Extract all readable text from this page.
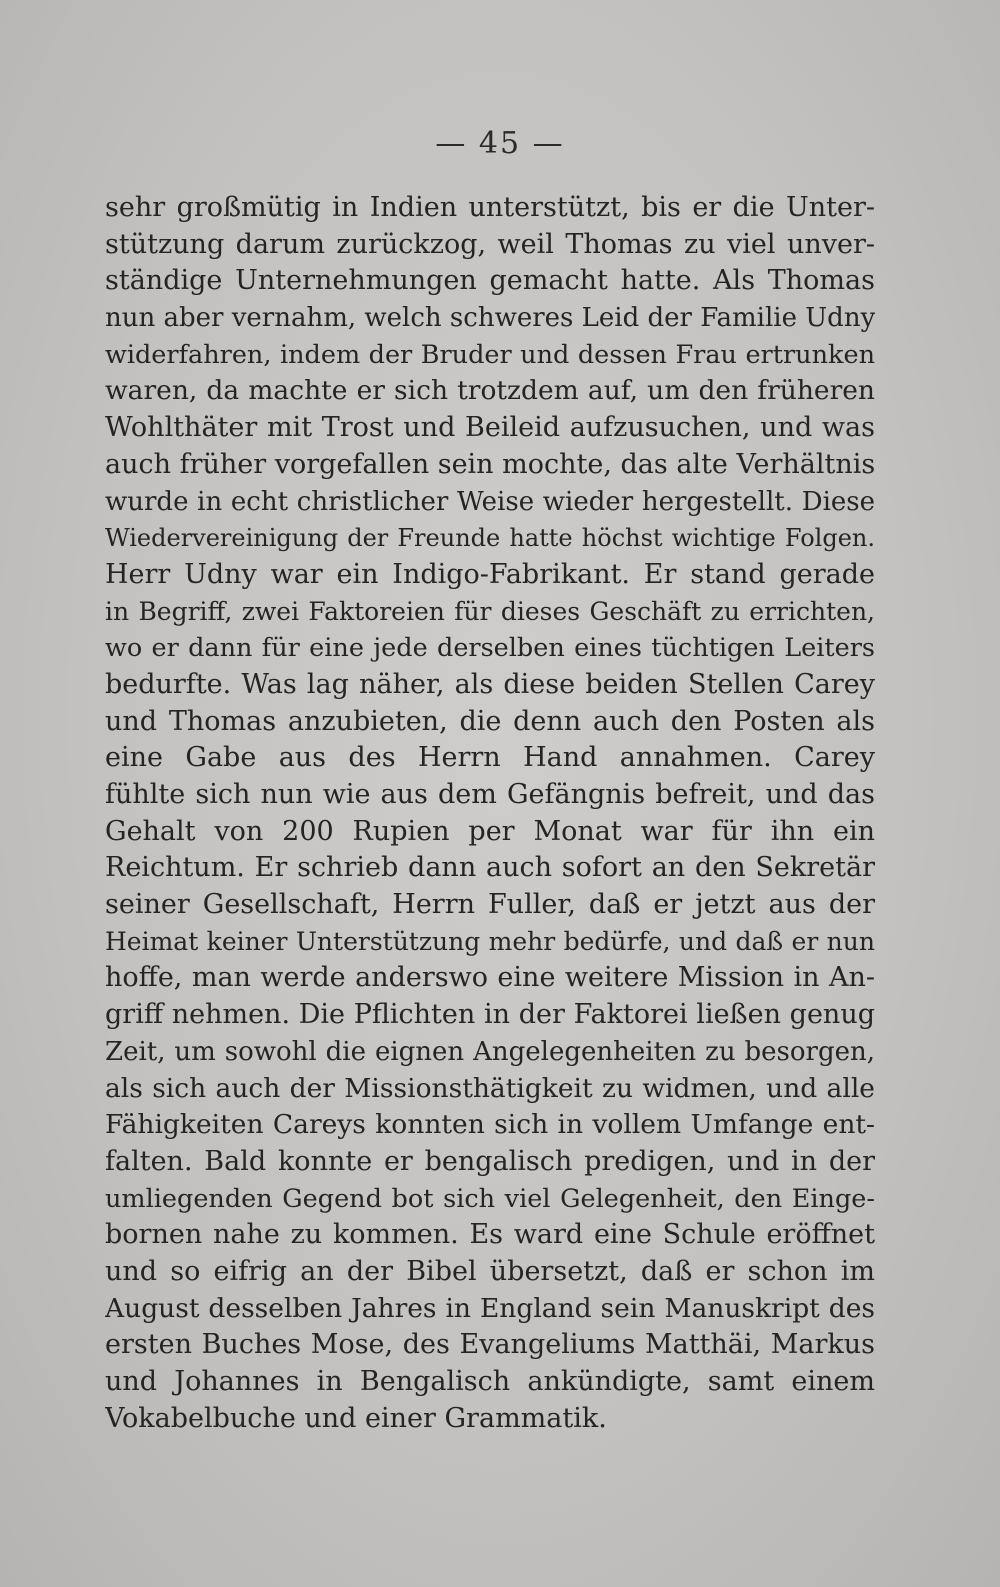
— 45 —
sehr großmütig in Indien unterstützt, bis er die Unter-
stützung darum zurückzog, weil Thomas zu viel unver-
ständige Unternehmungen gemacht hatte. Als Thomas
nun aber vernahm, welch schweres Leid der Familie Udny
widerfahren, indem der Bruder und dessen Frau ertrunken
waren, da machte er sich trotzdem auf, um den früheren
Wohlthäter mit Trost und Beileid aufzusuchen, und was
auch früher vorgefallen sein mochte, das alte Verhältnis
wurde in echt christlicher Weise wieder hergestellt. Diese
Wiedervereinigung der Freunde hatte höchst wichtige Folgen.
Herr Udny war ein Indigo-Fabrikant. Er stand gerade
in Begriff, zwei Faktoreien für dieses Geschäft zu errichten,
wo er dann für eine jede derselben eines tüchtigen Leiters
bedurfte. Was lag näher, als diese beiden Stellen Carey
und Thomas anzubieten, die denn auch den Posten als
eine Gabe aus des Herrn Hand annahmen. Carey
fühlte sich nun wie aus dem Gefängnis befreit, und das
Gehalt von 200 Rupien per Monat war für ihn ein
Reichtum. Er schrieb dann auch sofort an den Sekretär
seiner Gesellschaft, Herrn Fuller, daß er jetzt aus der
Heimat keiner Unterstützung mehr bedürfe, und daß er nun
hoffe, man werde anderswo eine weitere Mission in An-
griff nehmen. Die Pflichten in der Faktorei ließen genug
Zeit, um sowohl die eignen Angelegenheiten zu besorgen,
als sich auch der Missionsthätigkeit zu widmen, und alle
Fähigkeiten Careys konnten sich in vollem Umfange ent-
falten. Bald konnte er bengalisch predigen, und in der
umliegenden Gegend bot sich viel Gelegenheit, den Einge-
bornen nahe zu kommen. Es ward eine Schule eröffnet
und so eifrig an der Bibel übersetzt, daß er schon im
August desselben Jahres in England sein Manuskript des
ersten Buches Mose, des Evangeliums Matthäi, Markus
und Johannes in Bengalisch ankündigte, samt einem
Vokabelbuche und einer Grammatik.
